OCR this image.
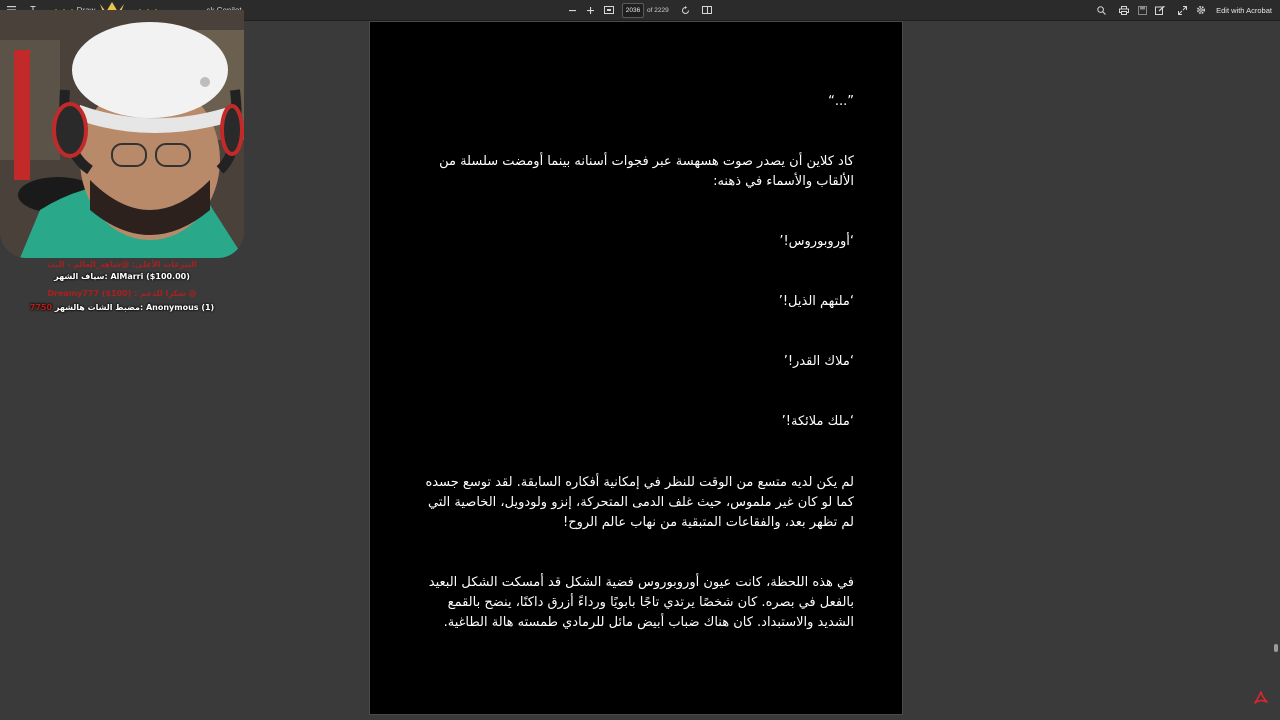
2036	of 2229	Edit with Acrobat
التبرعات الأعلى: @شاهد_العالم - البث
سياف الشهر: AlMarri ($100.00)
Dreamy777 ($100) : شكرا للدعم @
7750 مضبط الشات هالشهر: Anonymous (1)

”...“

كاد كلاين أن يصدر صوت هسهسة عبر فجوات أسنانه بينما أومضت سلسلة من الألقاب والأسماء في ذهنه:

‘أوروبوروس!’

‘ملتهم الذيل!’

‘ملاك القدر!’

‘ملك ملائكة!’

لم يكن لديه متسع من الوقت للنظر في إمكانية أفكاره السابقة. لقد توسع جسده كما لو كان غير ملموس، حيث غلف الدمى المتحركة، إنزو ولودويل، الخاصية التي لم تظهر بعد، والفقاعات المتبقية من نهاب عالم الروح!

في هذه اللحظة، كانت عيون أوروبوروس فضية الشكل قد أمسكت الشكل البعيد بالفعل في بصره. كان شخصًا يرتدي تاجًا بابويًا ورداءً أزرق داكنًا، ينضح بالقمع الشديد والاستبداد. كان هناك ضباب أبيض مائل للرمادي طمسته هالة الطاغية.
